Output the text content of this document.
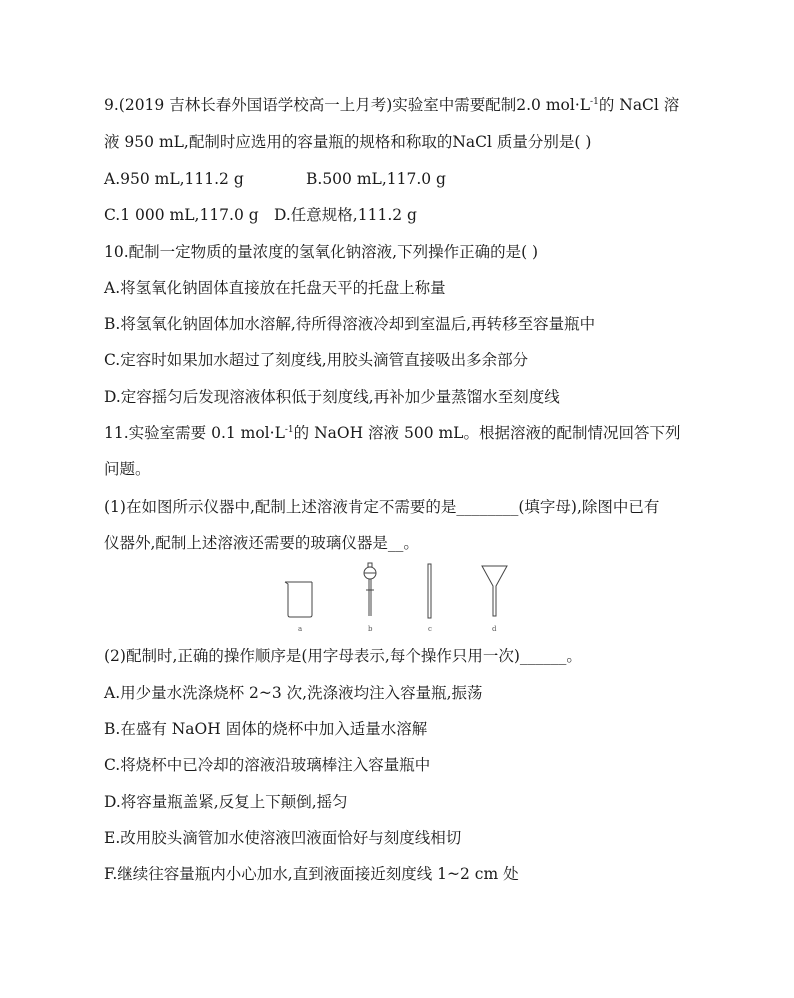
9.(2019 吉林长春外国语学校高一上月考)实验室中需要配制2.0 $mol\cdot L^{-1}$的 NaCl 溶
液 950 mL,配制时应选用的容量瓶的规格和称取的NaCl 质量分别是( )
A.950 mL,111.2 g	B.500 mL,117.0 g
C.1 000 mL,117.0 g D.任意规格,111.2 g
10.配制一定物质的量浓度的氢氧化钠溶液,下列操作正确的是( )
A.将氢氧化钠固体直接放在托盘天平的托盘上称量
B.将氢氧化钠固体加水溶解,待所得溶液冷却到室温后,再转移至容量瓶中
C.定容时如果加水超过了刻度线,用胶头滴管直接吸出多余部分
D.定容摇匀后发现溶液体积低于刻度线,再补加少量蒸馏水至刻度线
11.实验室需要 0.1 $mol\cdot L^{-1}$的 NaOH 溶液 500 mL。根据溶液的配制情况回答下列
问题。
(1)在如图所示仪器中,配制上述溶液肯定不需要的是________(填字母),除图中已有
仪器外,配制上述溶液还需要的玻璃仪器是__。
a	b	c	d
(2)配制时,正确的操作顺序是(用字母表示,每个操作只用一次)______。
A.用少量水洗涤烧杯 2~3 次,洗涤液均注入容量瓶,振荡
B.在盛有 NaOH 固体的烧杯中加入适量水溶解
C.将烧杯中已冷却的溶液沿玻璃棒注入容量瓶中
D.将容量瓶盖紧,反复上下颠倒,摇匀
E.改用胶头滴管加水使溶液凹液面恰好与刻度线相切
F.继续往容量瓶内小心加水,直到液面接近刻度线 1~2 cm 处
